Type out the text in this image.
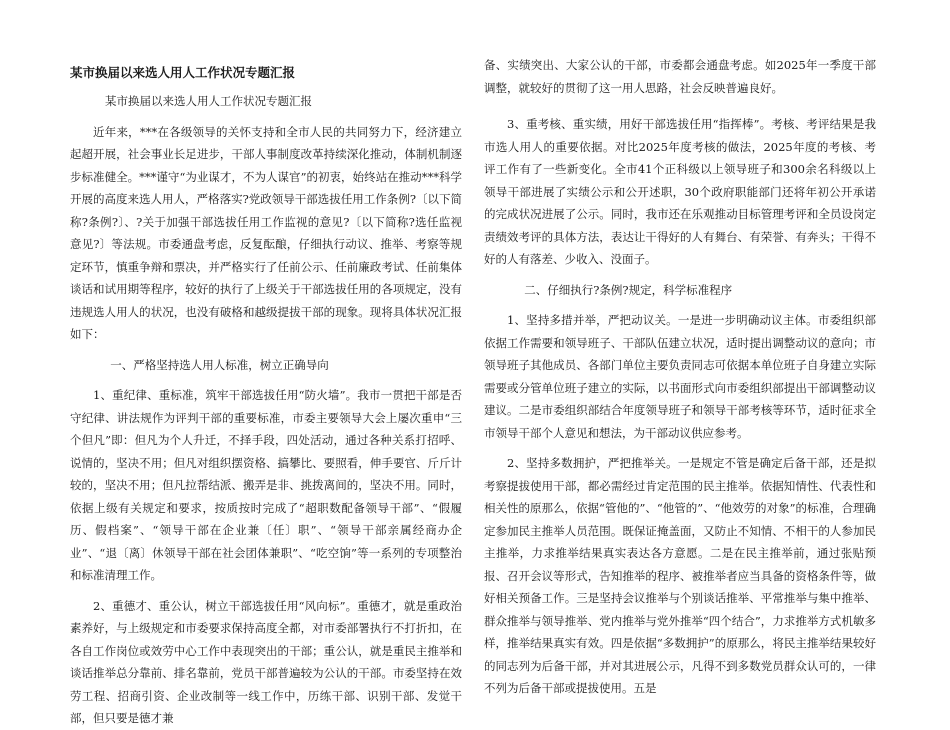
某市换届以来选人用人工作状况专题汇报
某市换届以来选人用人工作状况专题汇报

近年来，***在各级领导的关怀支持和全市人民的共同努力下，经济建立起超开展，社会事业长足进步，干部人事制度改革持续深化推动，体制机制逐步标准健全。***谨守“为业谋才，不为人谋官”的初衷，始终站在推动***科学开展的高度来选人用人，严格落实?党政领导干部选拔任用工作条例?〔以下简称?条例?〕、?关于加强干部选拔任用工作监视的意见?〔以下简称?选任监视意见?〕等法规。市委通盘考虑，反复酝酿，仔细执行动议、推举、考察等规定环节，慎重争辩和票决，并严格实行了任前公示、任前廉政考试、任前集体谈话和试用期等程序，较好的执行了上级关于干部选拔任用的各项规定，没有违规选人用人的状况，也没有破格和越级提拔干部的现象。现将具体状况汇报如下：

一、严格坚持选人用人标准，树立正确导向

1、重纪律、重标准，筑牢干部选拔任用“防火墙”。我市一贯把干部是否守纪律、讲法规作为评判干部的重要标准，市委主要领导大会上屡次重申“三个但凡”即：但凡为个人升迁，不择手段，四处活动，通过各种关系打招呼、说情的，坚决不用；但凡对组织摆资格、搞攀比、要照看，伸手要官、斤斤计较的，坚决不用；但凡拉帮结派、搬弄是非、挑拨离间的，坚决不用。同时，依据上级有关规定和要求，按质按时完成了“超职数配备领导干部”、“假履历、假档案”、“领导干部在企业兼〔任〕职”、“领导干部亲属经商办企业”、“退〔离〕休领导干部在社会团体兼职”、“吃空饷”等一系列的专项整治和标准清理工作。

2、重德才、重公认，树立干部选拔任用“风向标”。重德才，就是重政治素养好，与上级规定和市委要求保持高度全都，对市委部署执行不打折扣，在各自工作岗位或效劳中心工作中表现突出的干部；重公认，就是重民主推举和谈话推举总分靠前、排名靠前，党员干部普遍较为公认的干部。市委坚持在效劳工程、招商引资、企业改制等一线工作中，历练干部、识别干部、发觉干部，但只要是德才兼

备、实绩突出、大家公认的干部，市委都会通盘考虑。如2025年一季度干部调整，就较好的贯彻了这一用人思路，社会反映普遍良好。

3、重考核、重实绩，用好干部选拔任用“指挥棒”。考核、考评结果是我市选人用人的重要依据。对比2025年度考核的做法，2025年度的考核、考评工作有了一些新变化。全市41个正科级以上领导班子和300余名科级以上领导干部进展了实绩公示和公开述职，30个政府职能部门还将年初公开承诺的完成状况进展了公示。同时，我市还在乐观推动目标管理考评和全员设岗定责绩效考评的具体方法，表达让干得好的人有舞台、有荣誉、有奔头；干得不好的人有落差、少收入、没面子。

二、仔细执行?条例?规定，科学标准程序

1、坚持多措并举，严把动议关。一是进一步明确动议主体。市委组织部依据工作需要和领导班子、干部队伍建立状况，适时提出调整动议的意向；市领导班子其他成员、各部门单位主要负责同志可依据本单位班子自身建立实际需要或分管单位班子建立的实际，以书面形式向市委组织部提出干部调整动议建议。二是市委组织部结合年度领导班子和领导干部考核等环节，适时征求全市领导干部个人意见和想法，为干部动议供应参考。

2、坚持多数拥护，严把推举关。一是规定不管是确定后备干部，还是拟考察提拔使用干部，都必需经过肯定范围的民主推举。依据知情性、代表性和相关性的原那么，依据“管他的”、“他管的”、“他效劳的对象”的标准，合理确定参加民主推举人员范围。既保证掩盖面，又防止不知情、不相干的人参加民主推举，力求推举结果真实表达各方意愿。二是在民主推举前，通过张贴预报、召开会议等形式，告知推举的程序、被推举者应当具备的资格条件等，做好相关预备工作。三是坚持会议推举与个别谈话推举、平常推举与集中推举、群众推举与领导推举、党内推举与党外推举“四个结合”，力求推举方式机敏多样，推举结果真实有效。四是依据“多数拥护”的原那么，将民主推举结果较好的同志列为后备干部，并对其进展公示，凡得不到多数党员群众认可的，一律不列为后备干部或提拔使用。五是
